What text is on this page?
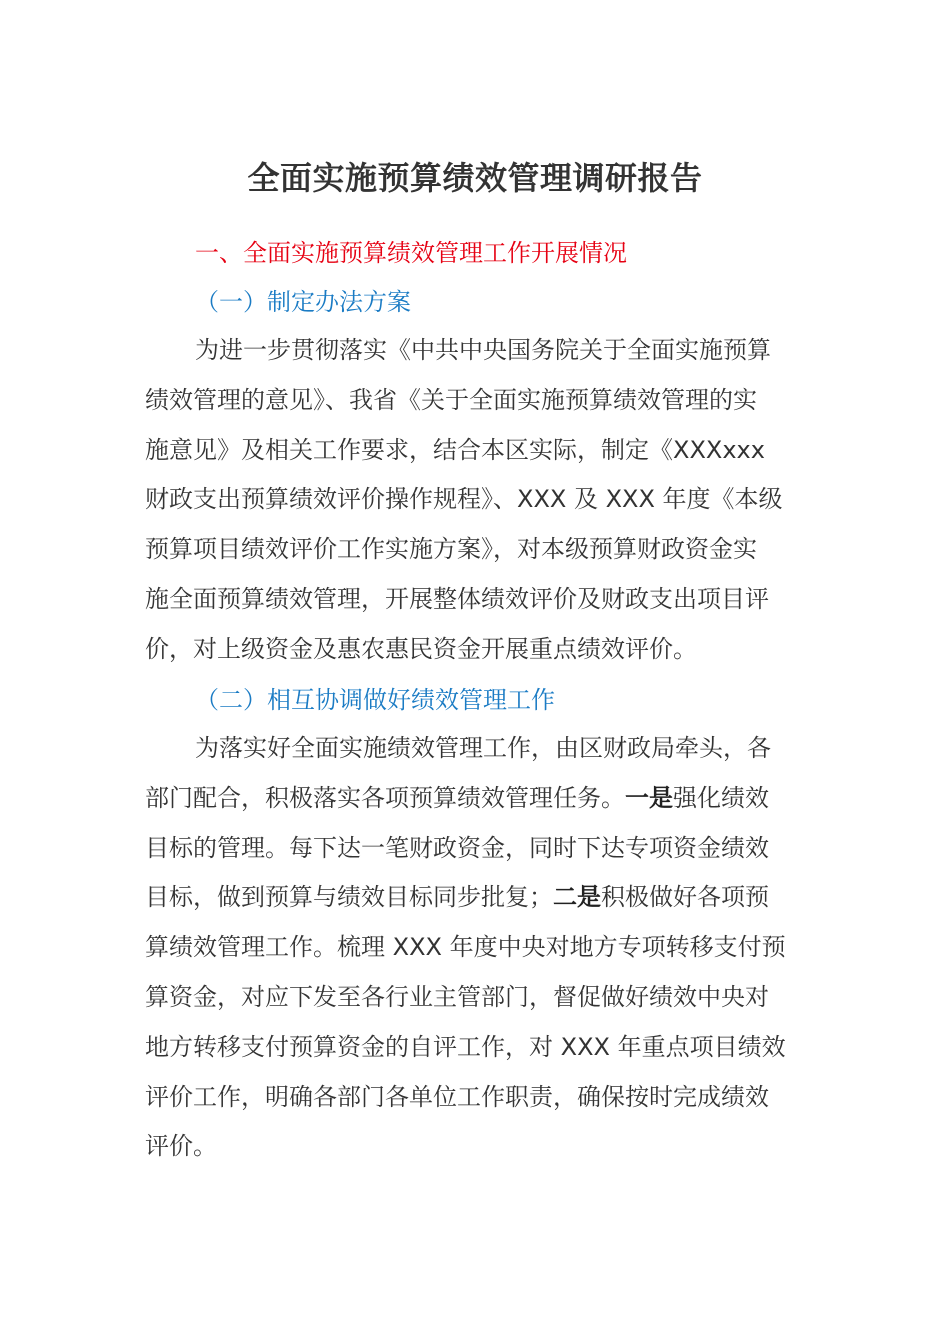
全面实施预算绩效管理调研报告
一、全面实施预算绩效管理工作开展情况
（一）制定办法方案

为进一步贯彻落实《中共中央国务院关于全面实施预算
绩效管理的意见》、我省《关于全面实施预算绩效管理的实
施意见》及相关工作要求，结合本区实际，制定《XXXxxx
财政支出预算绩效评价操作规程》、XXX 及 XXX 年度《本级
预算项目绩效评价工作实施方案》，对本级预算财政资金实
施全面预算绩效管理，开展整体绩效评价及财政支出项目评
价，对上级资金及惠农惠民资金开展重点绩效评价。

（二）相互协调做好绩效管理工作

为落实好全面实施绩效管理工作，由区财政局牵头，各
部门配合，积极落实各项预算绩效管理任务。一是强化绩效
目标的管理。每下达一笔财政资金，同时下达专项资金绩效
目标，做到预算与绩效目标同步批复；二是积极做好各项预
算绩效管理工作。梳理 XXX 年度中央对地方专项转移支付预
算资金，对应下发至各行业主管部门，督促做好绩效中央对
地方转移支付预算资金的自评工作，对 XXX 年重点项目绩效
评价工作，明确各部门各单位工作职责，确保按时完成绩效
评价。
